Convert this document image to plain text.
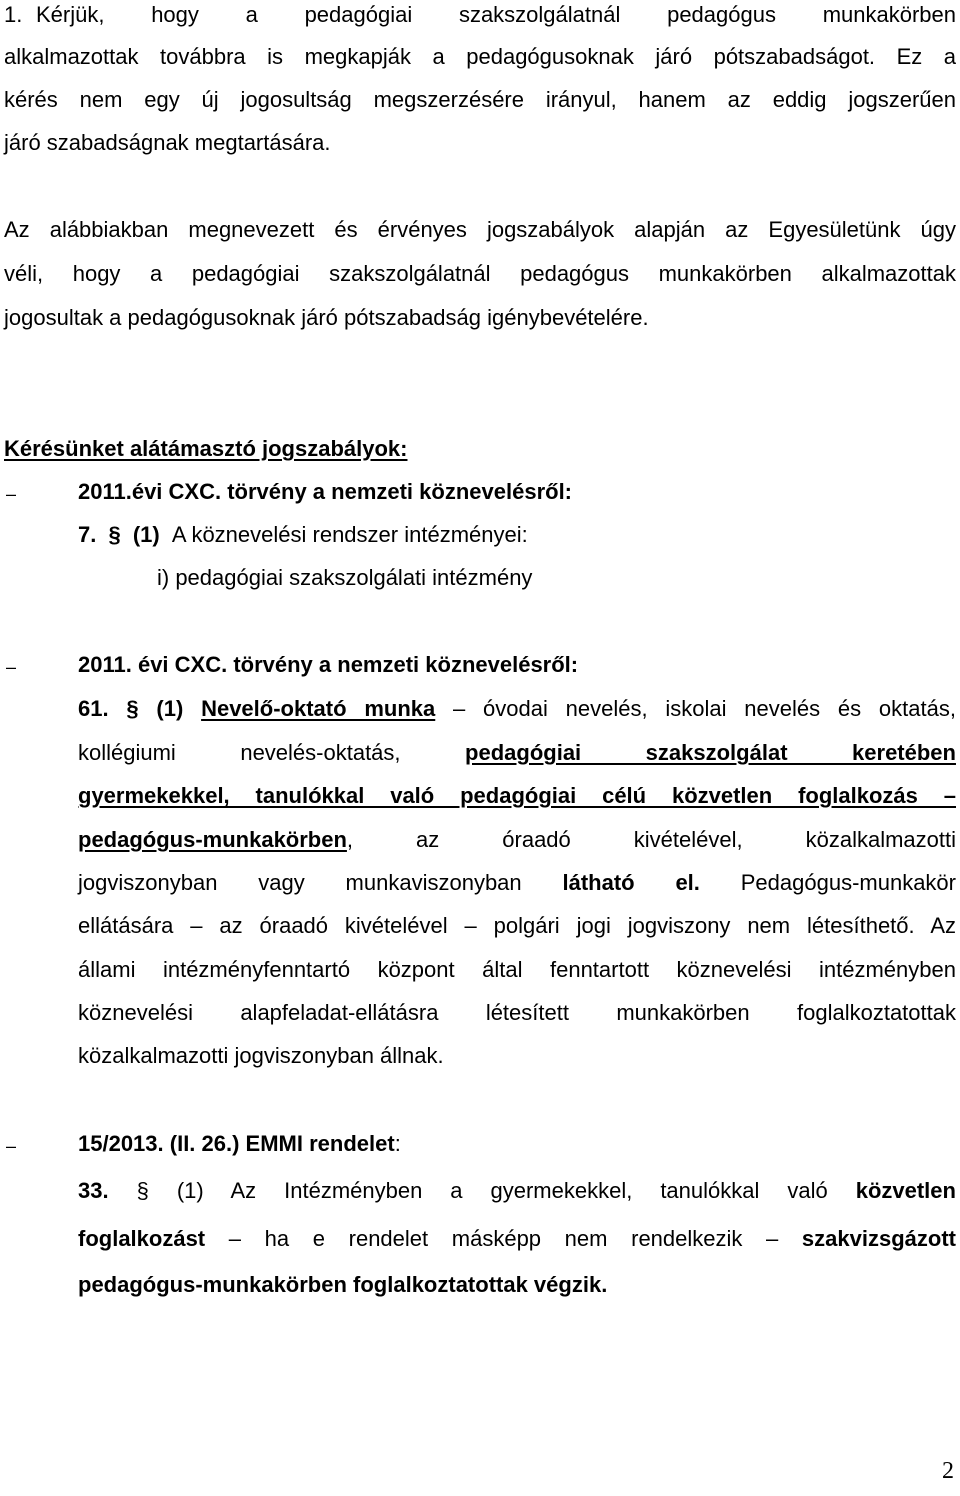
1. Kérjük, hogy a pedagógiai szakszolgálatnál pedagógus munkakörben
alkalmazottak továbbra is megkapják a pedagógusoknak járó pótszabadságot. Ez a
kérés nem egy új jogosultság megszerzésére irányul, hanem az eddig jogszerűen
járó szabadságnak megtartására.
Az alábbiakban megnevezett és érvényes jogszabályok alapján az Egyesületünk úgy
véli, hogy a pedagógiai szakszolgálatnál pedagógus munkakörben alkalmazottak
jogosultak a pedagógusoknak járó pótszabadság igénybevételére.
Kérésünket alátámasztó jogszabályok:
–	2011.évi CXC. törvény a nemzeti köznevelésről:
7. § (1) A köznevelési rendszer intézményei:
i) pedagógiai szakszolgálati intézmény
–	2011. évi CXC. törvény a nemzeti köznevelésről:
61. § (1) Nevelő-oktató munka – óvodai nevelés, iskolai nevelés és oktatás,
kollégiumi nevelés-oktatás,	pedagógiai szakszolgálat keretében
gyermekekkel, tanulókkal való pedagógiai célú közvetlen foglalkozás –
pedagógus-munkakörben, az óraadó kivételével, közalkalmazotti
jogviszonyban vagy munkaviszonyban látható el. Pedagógus-munkakör
ellátására – az óraadó kivételével – polgári jogi jogviszony nem létesíthető. Az
állami intézményfenntartó központ által fenntartott köznevelési intézményben
köznevelési alapfeladat-ellátásra létesített munkakörben foglalkoztatottak
közalkalmazotti jogviszonyban állnak.
–	15/2013. (II. 26.) EMMI rendelet:
33. § (1) Az Intézményben a gyermekekkel, tanulókkal való közvetlen
foglalkozást – ha e rendelet másképp nem rendelkezik – szakvizsgázott
pedagógus-munkakörben foglalkoztatottak végzik.
2
